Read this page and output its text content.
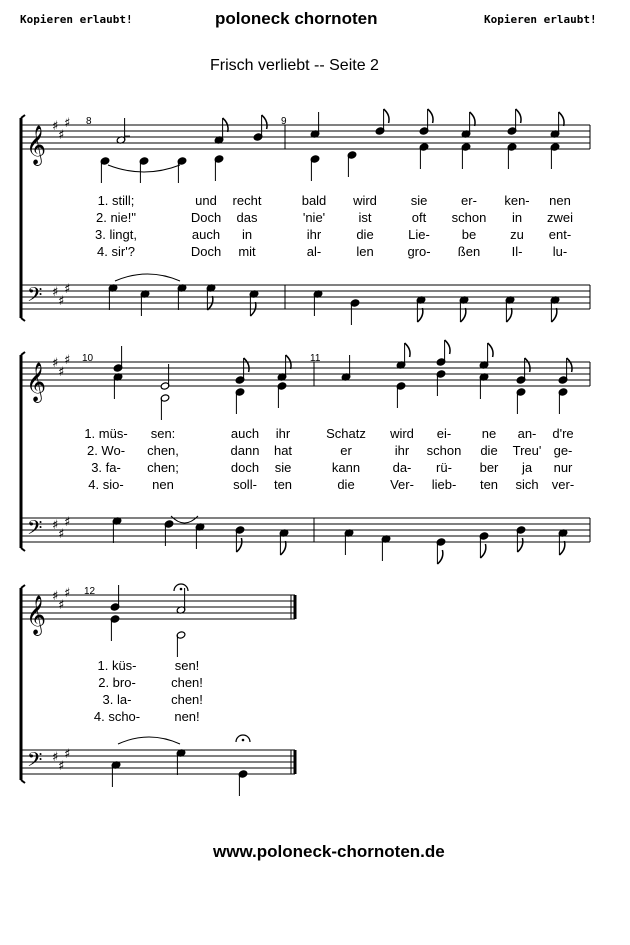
Kopieren erlaubt!	poloneck chornoten	Kopieren erlaubt!
Frisch verliebt -- Seite 2
𝄞
𝄢
♯
♯
♯
♯
♯
♯
𝄞
𝄢
♯
♯
♯
♯
♯
♯
𝄞
𝄢
♯
♯
♯
♯
♯
♯
1. still;	und recht	bald wird	sie	er- ken- nen
2. nie!"	Doch das	'nie'	ist	oft schon in zwei
3. lingt,	auch in	ihr	die	Lie- be	zu ent-
4. sir'?	Doch mit	al-	len	gro- ßen Il- lu-
1. müs- sen:	auch ihr	Schatz wird ei- ne an- d're
2. Wo- chen,	dann hat	er	ihr schon die Treu' ge-
3. fa- chen;	doch sie	kann	da- rü- ber ja nur
4. sio- nen	soll- ten	die	Ver- lieb- ten sich ver-
1. küs-	sen!
2. bro-	chen!
3. la-	chen!
4. scho-	nen!
www.poloneck-chornoten.de
8	9
10	11
12
